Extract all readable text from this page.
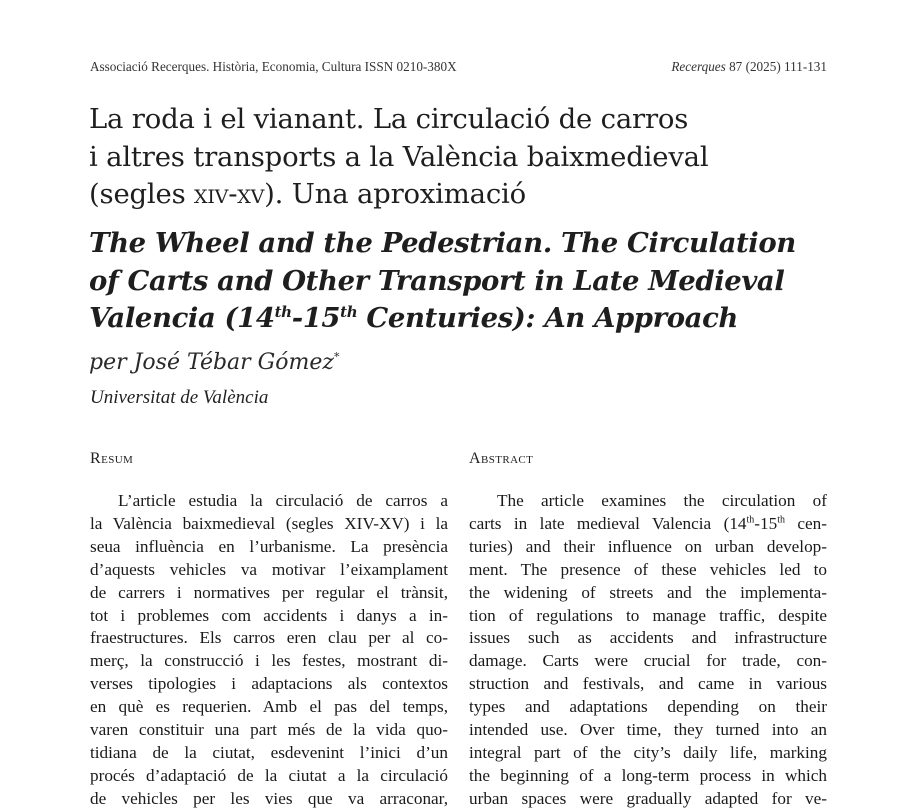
Associació Recerques. Història, Economia, Cultura ISSN 0210-380X	Recerques 87 (2025) 111-131
La roda i el vianant. La circulació de carros
i altres transports a la València baixmedieval
(segles xiv-xv). Una aproximació
The Wheel and the Pedestrian. The Circulation
of Carts and Other Transport in Late Medieval
Valencia (14th-15th Centuries): An Approach
per José Tébar Gómez*
Universitat de València
Resum

L’article estudia la circulació de carros a
la València baixmedieval (segles XIV-XV) i la
seua influència en l’urbanisme. La presència
d’aquests vehicles va motivar l’eixamplament
de carrers i normatives per regular el trànsit,
tot i problemes com accidents i danys a in-
fraestructures. Els carros eren clau per al co-
merç, la construcció i les festes, mostrant di-
verses tipologies i adaptacions als contextos
en què es requerien. Amb el pas del temps,
varen constituir una part més de la vida quo-
tidiana de la ciutat, esdevenint l’inici d’un
procés d’adaptació de la ciutat a la circulació
de vehicles per les vies que va arraconar,

Abstract

The article examines the circulation of
carts in late medieval Valencia (14th-15th cen-
turies) and their influence on urban develop-
ment. The presence of these vehicles led to
the widening of streets and the implementa-
tion of regulations to manage traffic, despite
issues such as accidents and infrastructure
damage. Carts were crucial for trade, con-
struction and festivals, and came in various
types and adaptations depending on their
intended use. Over time, they turned into an
integral part of the city’s daily life, marking
the beginning of a long-term process in which
urban spaces were gradually adapted for ve-
